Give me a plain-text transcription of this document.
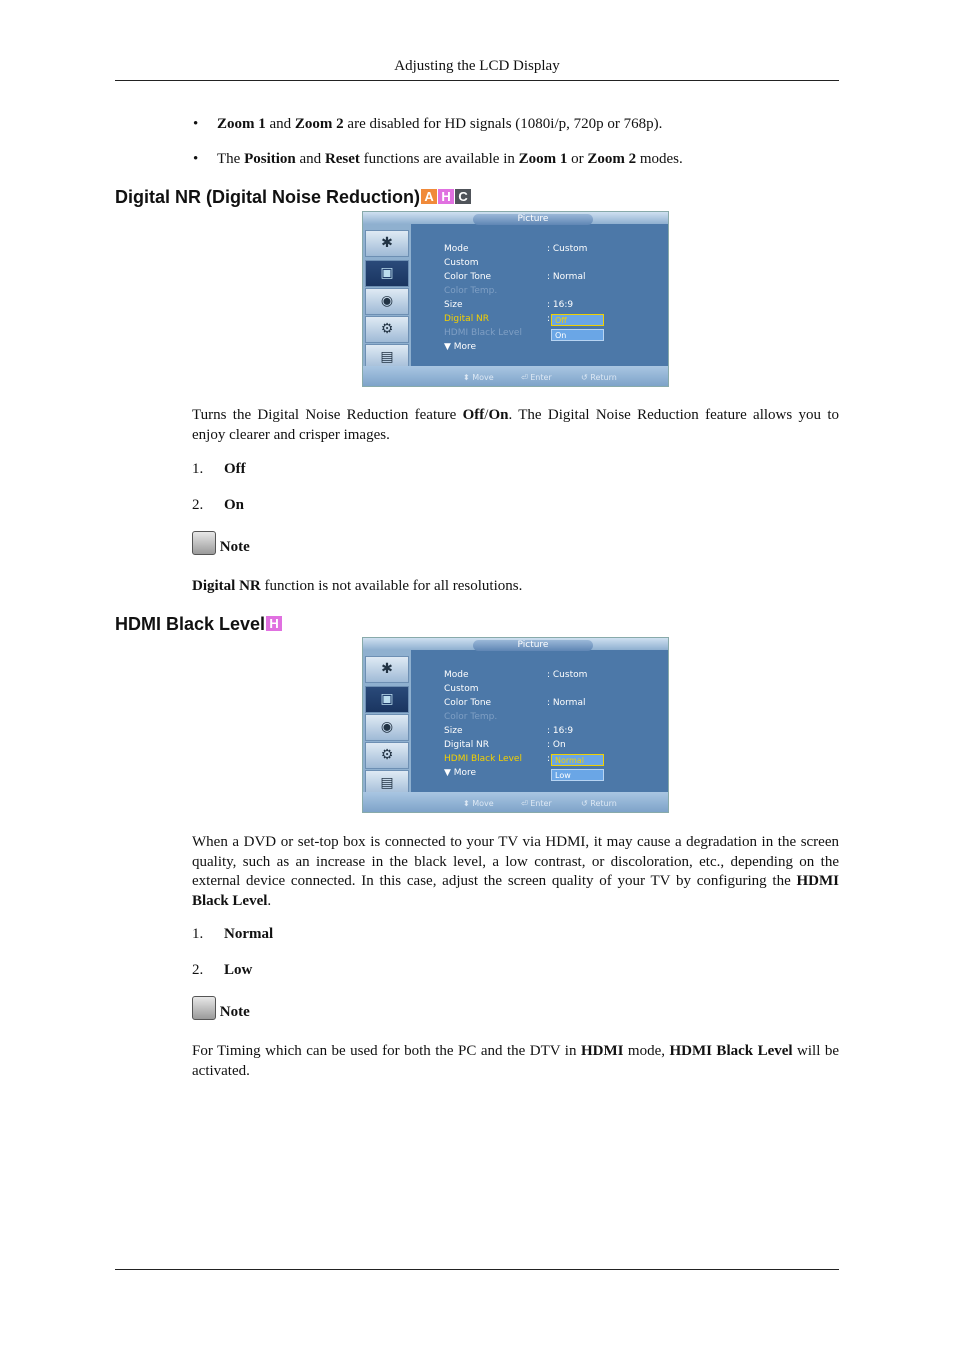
Adjusting the LCD Display
• Zoom 1 and Zoom 2 are disabled for HD signals (1080i/p, 720p or 768p).
• The Position and Reset functions are available in Zoom 1 or Zoom 2 modes.
Digital NR (Digital Noise Reduction) A H C
Picture
✱
▣
◉
⚙
▤
Mode	: Custom
Custom
Color Tone	: Normal
Color Temp.
Size	: 16:9
Digital NR	:
HDMI Black Level
▼ More
Off
On
⬍ Move	⏎ Enter	↺ Return
Turns the Digital Noise Reduction feature Off/On. The Digital Noise Reduction feature allows you to enjoy clearer and crisper images.
1. Off
2. On
Note
Digital NR function is not available for all resolutions.
HDMI Black Level H
Picture
✱
▣
◉
⚙
▤
Mode	: Custom
Custom
Color Tone	: Normal
Color Temp.
Size	: 16:9
Digital NR	: On
HDMI Black Level	:
▼ More
Normal
Low
⬍ Move	⏎ Enter	↺ Return
When a DVD or set-top box is connected to your TV via HDMI, it may cause a degradation in the screen quality, such as an increase in the black level, a low contrast, or discoloration, etc., depending on the external device connected. In this case, adjust the screen quality of your TV by configuring the HDMI Black Level.
1. Normal
2. Low
Note
For Timing which can be used for both the PC and the DTV in HDMI mode, HDMI Black Level will be activated.
